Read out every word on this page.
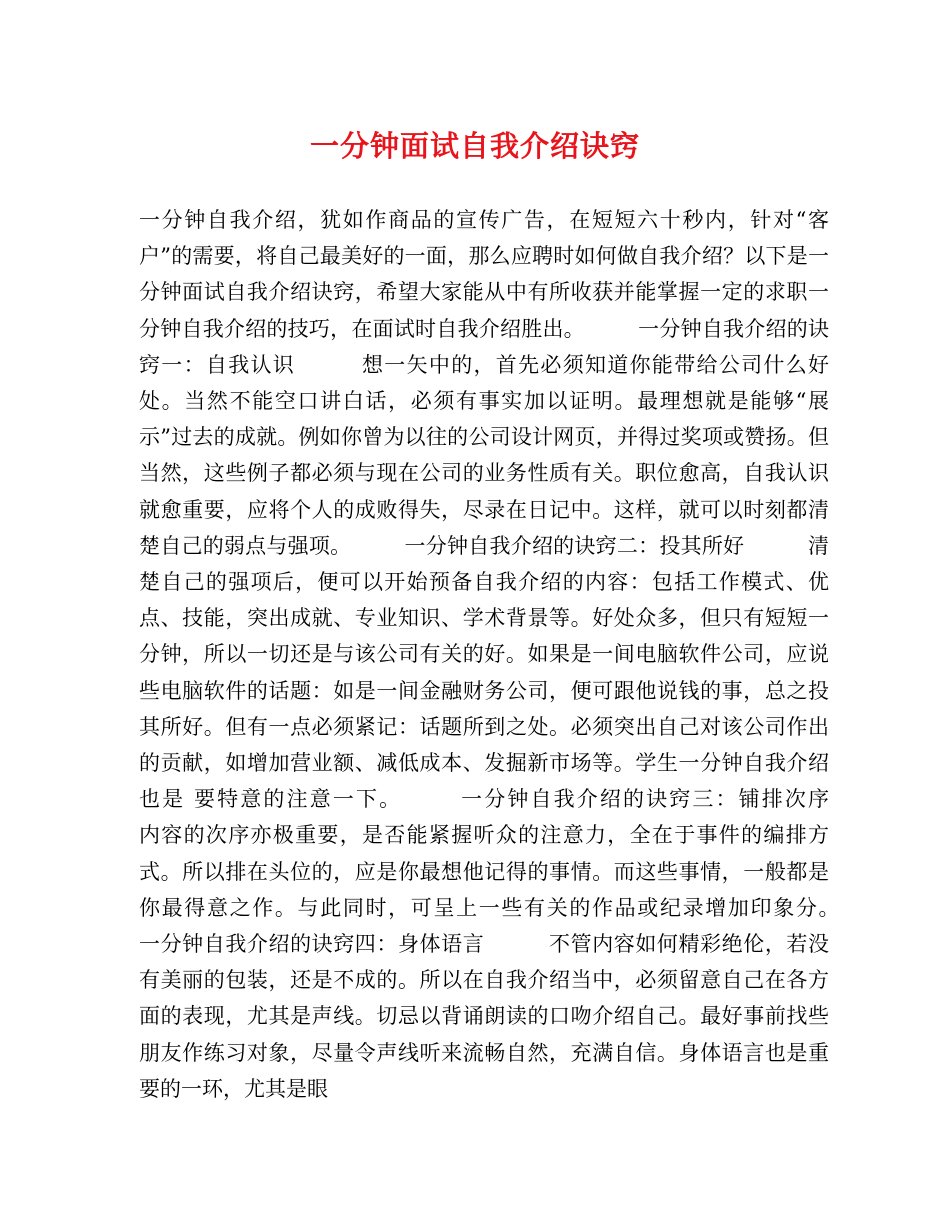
一分钟面试自我介绍诀窍
一分钟自我介绍，犹如作商品的宣传广告，在短短六十秒内，针对“客户”的需要，将自己最美好的一面，那么应聘时如何做自我介绍？以下是一分钟面试自我介绍诀窍，希望大家能从中有所收获并能掌握一定的求职一分钟自我介绍的技巧，在面试时自我介绍胜出。　　　一分钟自我介绍的诀窍一：自我认识　　　想一矢中的，首先必须知道你能带给公司什么好处。当然不能空口讲白话，必须有事实加以证明。最理想就是能够“展示”过去的成就。例如你曾为以往的公司设计网页，并得过奖项或赞扬。但当然，这些例子都必须与现在公司的业务性质有关。职位愈高，自我认识就愈重要，应将个人的成败得失，尽录在日记中。这样，就可以时刻都清楚自己的弱点与强项。　　　一分钟自我介绍的诀窍二：投其所好　　　清楚自己的强项后，便可以开始预备自我介绍的内容：包括工作模式、优点、技能，突出成就、专业知识、学术背景等。好处众多，但只有短短一分钟，所以一切还是与该公司有关的好。如果是一间电脑软件公司，应说些电脑软件的话题：如是一间金融财务公司，便可跟他说钱的事，总之投其所好。但有一点必须紧记：话题所到之处。必须突出自己对该公司作出的贡献，如增加营业额、减低成本、发掘新市场等。学生一分钟自我介绍也是 要特意的注意一下。　　　一分钟自我介绍的诀窍三：铺排次序　　　内容的次序亦极重要，是否能紧握听众的注意力，全在于事件的编排方式。所以排在头位的，应是你最想他记得的事情。而这些事情，一般都是你最得意之作。与此同时，可呈上一些有关的作品或纪录增加印象分。　　　一分钟自我介绍的诀窍四：身体语言　　　不管内容如何精彩绝伦，若没有美丽的包装，还是不成的。所以在自我介绍当中，必须留意自己在各方面的表现，尤其是声线。切忌以背诵朗读的口吻介绍自己。最好事前找些朋友作练习对象，尽量令声线听来流畅自然，充满自信。身体语言也是重要的一环，尤其是眼
